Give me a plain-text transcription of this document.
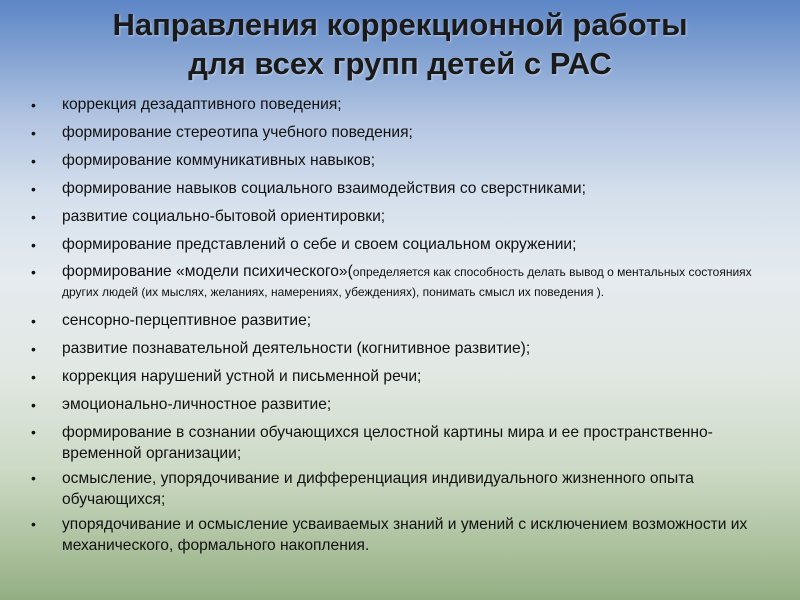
Направления коррекционной работы
для всех групп детей с РАС
• коррекция дезадаптивного поведения;
• формирование стереотипа учебного поведения;
• формирование коммуникативных навыков;
• формирование навыков социального взаимодействия со сверстниками;
• развитие социально-бытовой ориентировки;
• формирование представлений о себе и своем социальном окружении;
• формирование «модели психического»(определяется как способность делать вывод о ментальных состояниях других людей (их мыслях, желаниях, намерениях, убеждениях), понимать смысл их поведения ).
• сенсорно-перцептивное развитие;
• развитие познавательной деятельности (когнитивное развитие);
• коррекция нарушений устной и письменной речи;
• эмоционально-личностное развитие;
• формирование в сознании обучающихся целостной картины мира и ее пространственно-временной организации;
• осмысление, упорядочивание и дифференциация индивидуального жизненного опыта обучающихся;
• упорядочивание и осмысление усваиваемых знаний и умений с исключением возможности их механического, формального накопления.
